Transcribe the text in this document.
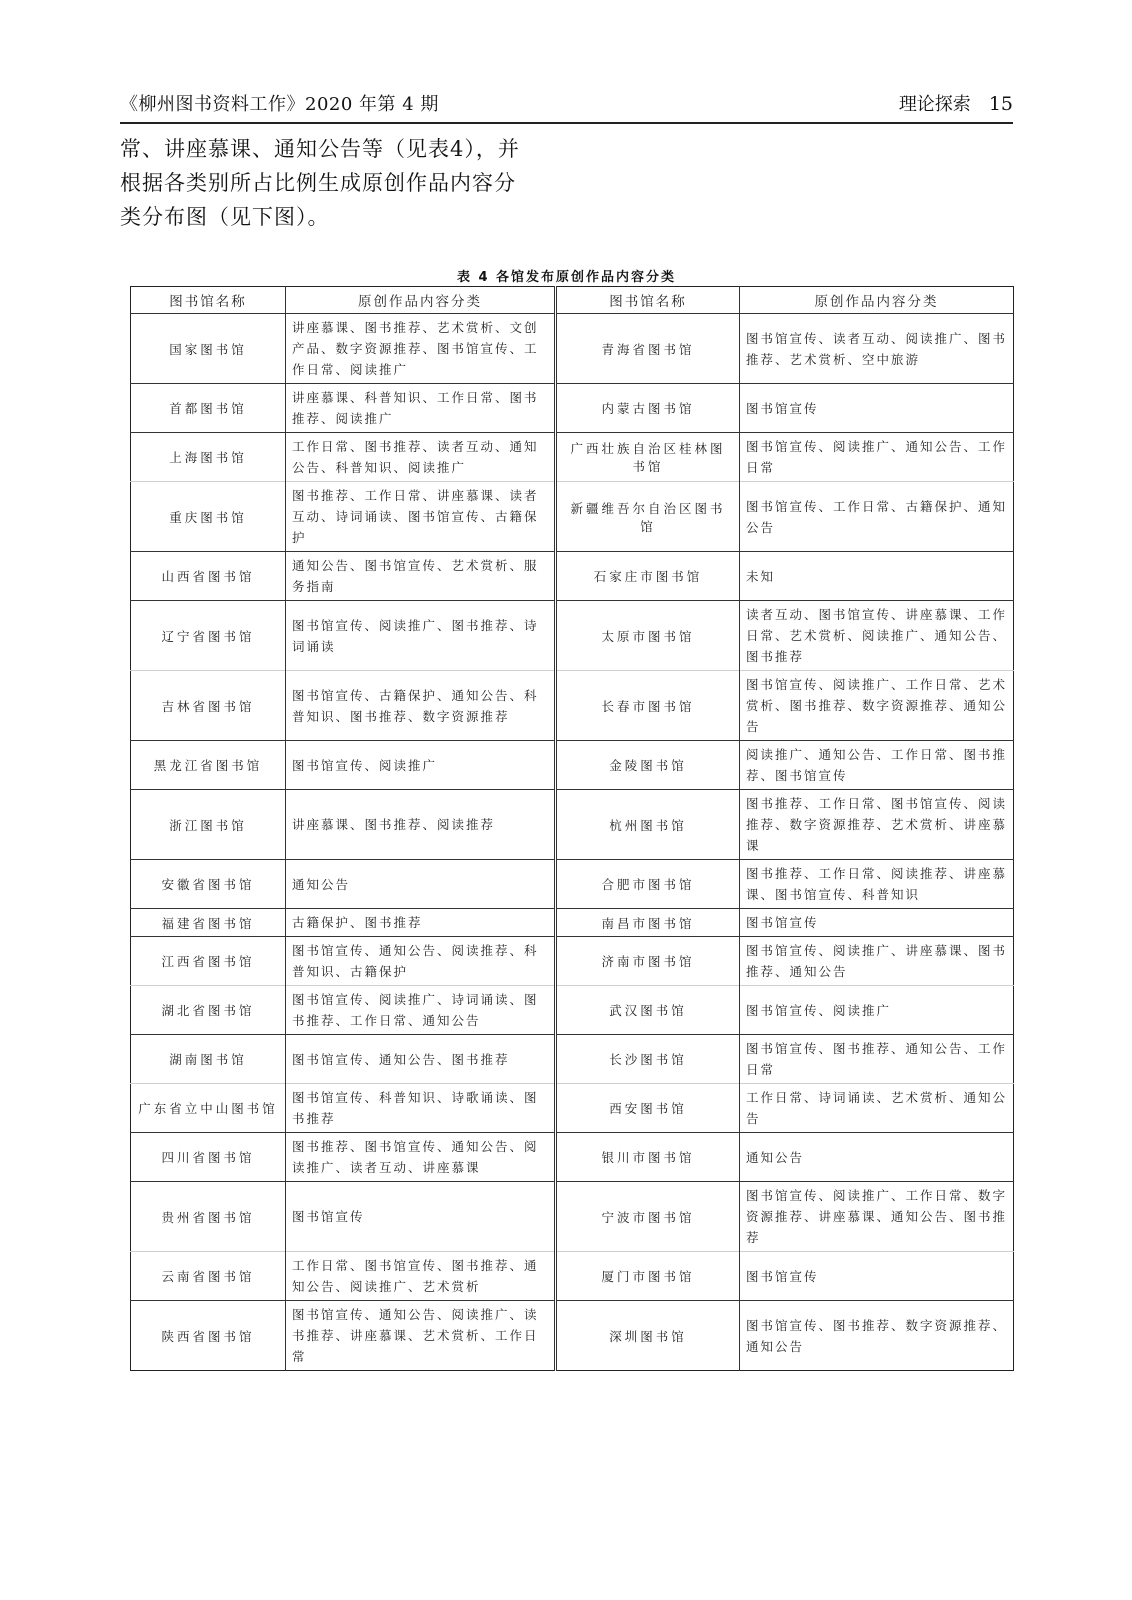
《柳州图书资料工作》2020 年第 4 期	理论探索 15

常、讲座慕课、通知公告等（见表4），并

根据各类别所占比例生成原创作品内容分

类分布图（见下图）。

表 4 各馆发布原创作品内容分类
图书馆名称	原创作品内容分类	图书馆名称	原创作品内容分类
国家图书馆	讲座慕课、图书推荐、艺术赏析、文创产品、数字资源推荐、图书馆宣传、工作日常、阅读推广	青海省图书馆	图书馆宣传、读者互动、阅读推广、图书推荐、艺术赏析、空中旅游
首都图书馆	讲座慕课、科普知识、工作日常、图书推荐、阅读推广	内蒙古图书馆	图书馆宣传
上海图书馆	工作日常、图书推荐、读者互动、通知公告、科普知识、阅读推广	广西壮族自治区桂林图书馆	图书馆宣传、阅读推广、通知公告、工作日常
重庆图书馆	图书推荐、工作日常、讲座慕课、读者互动、诗词诵读、图书馆宣传、古籍保护	新疆维吾尔自治区图书馆	图书馆宣传、工作日常、古籍保护、通知公告
山西省图书馆	通知公告、图书馆宣传、艺术赏析、服务指南	石家庄市图书馆	未知
辽宁省图书馆	图书馆宣传、阅读推广、图书推荐、诗词诵读	太原市图书馆	读者互动、图书馆宣传、讲座慕课、工作日常、艺术赏析、阅读推广、通知公告、图书推荐
吉林省图书馆	图书馆宣传、古籍保护、通知公告、科普知识、图书推荐、数字资源推荐	长春市图书馆	图书馆宣传、阅读推广、工作日常、艺术赏析、图书推荐、数字资源推荐、通知公告
黑龙江省图书馆	图书馆宣传、阅读推广	金陵图书馆	阅读推广、通知公告、工作日常、图书推荐、图书馆宣传
浙江图书馆	讲座慕课、图书推荐、阅读推荐	杭州图书馆	图书推荐、工作日常、图书馆宣传、阅读推荐、数字资源推荐、艺术赏析、讲座慕课
安徽省图书馆	通知公告	合肥市图书馆	图书推荐、工作日常、阅读推荐、讲座慕课、图书馆宣传、科普知识
福建省图书馆	古籍保护、图书推荐	南昌市图书馆	图书馆宣传
江西省图书馆	图书馆宣传、通知公告、阅读推荐、科普知识、古籍保护	济南市图书馆	图书馆宣传、阅读推广、讲座慕课、图书推荐、通知公告
湖北省图书馆	图书馆宣传、阅读推广、诗词诵读、图书推荐、工作日常、通知公告	武汉图书馆	图书馆宣传、阅读推广
湖南图书馆	图书馆宣传、通知公告、图书推荐	长沙图书馆	图书馆宣传、图书推荐、通知公告、工作日常
广东省立中山图书馆	图书馆宣传、科普知识、诗歌诵读、图书推荐	西安图书馆	工作日常、诗词诵读、艺术赏析、通知公告
四川省图书馆	图书推荐、图书馆宣传、通知公告、阅读推广、读者互动、讲座慕课	银川市图书馆	通知公告
贵州省图书馆	图书馆宣传	宁波市图书馆	图书馆宣传、阅读推广、工作日常、数字资源推荐、讲座慕课、通知公告、图书推荐
云南省图书馆	工作日常、图书馆宣传、图书推荐、通知公告、阅读推广、艺术赏析	厦门市图书馆	图书馆宣传
陕西省图书馆	图书馆宣传、通知公告、阅读推广、读书推荐、讲座慕课、艺术赏析、工作日常	深圳图书馆	图书馆宣传、图书推荐、数字资源推荐、通知公告
